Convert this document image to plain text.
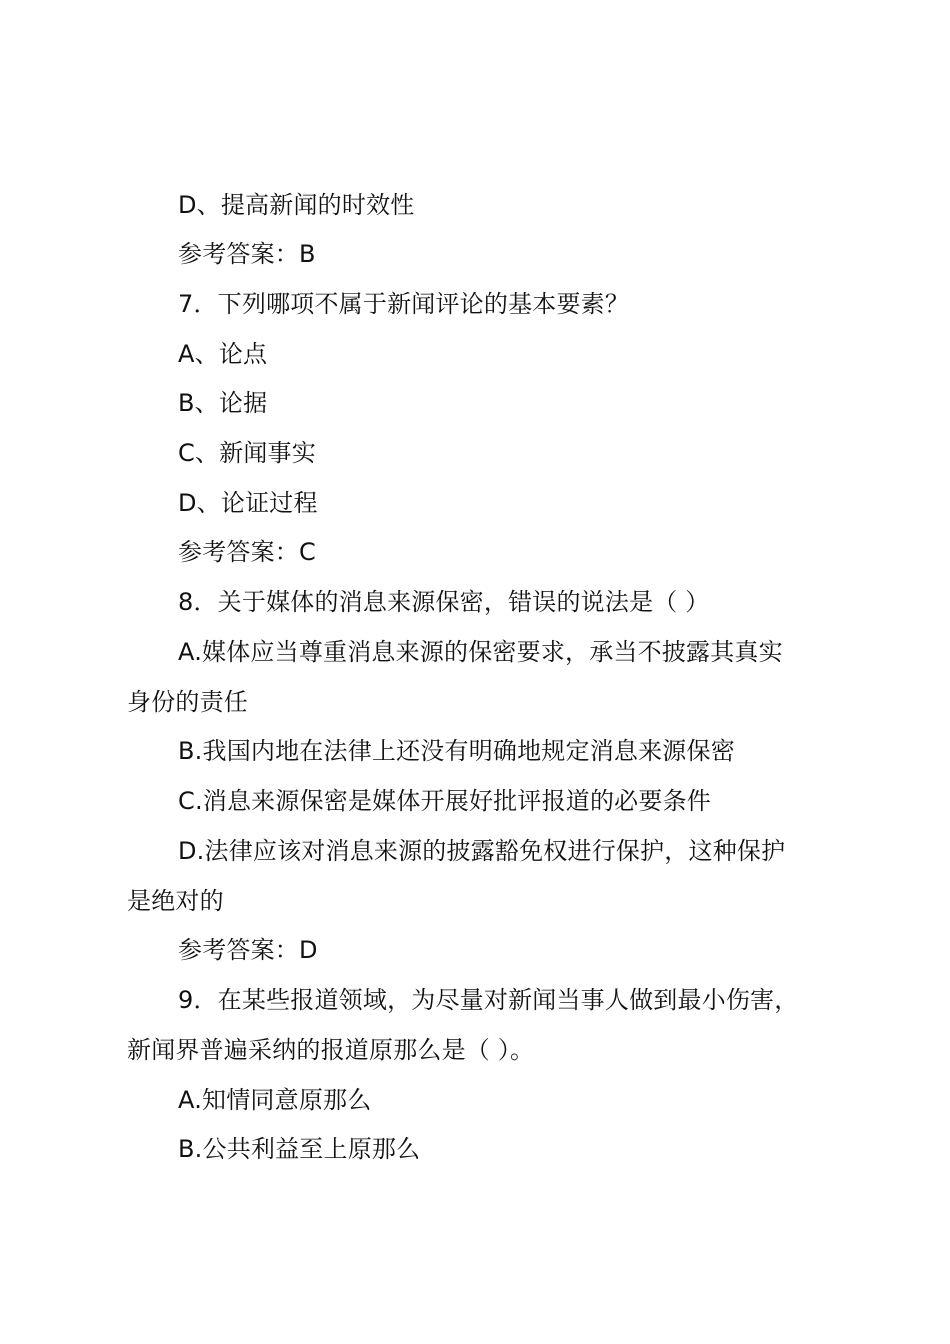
D、提高新闻的时效性
参考答案：B
7．下列哪项不属于新闻评论的基本要素？
A、论点
B、论据
C、新闻事实
D、论证过程
参考答案：C
8．关于媒体的消息来源保密，错误的说法是（ ）
A.媒体应当尊重消息来源的保密要求，承当不披露其真实
身份的责任
B.我国内地在法律上还没有明确地规定消息来源保密
C.消息来源保密是媒体开展好批评报道的必要条件
D.法律应该对消息来源的披露豁免权进行保护，这种保护
是绝对的
参考答案：D
9．在某些报道领域，为尽量对新闻当事人做到最小伤害，
新闻界普遍采纳的报道原那么是（ ）。
A.知情同意原那么
B.公共利益至上原那么
